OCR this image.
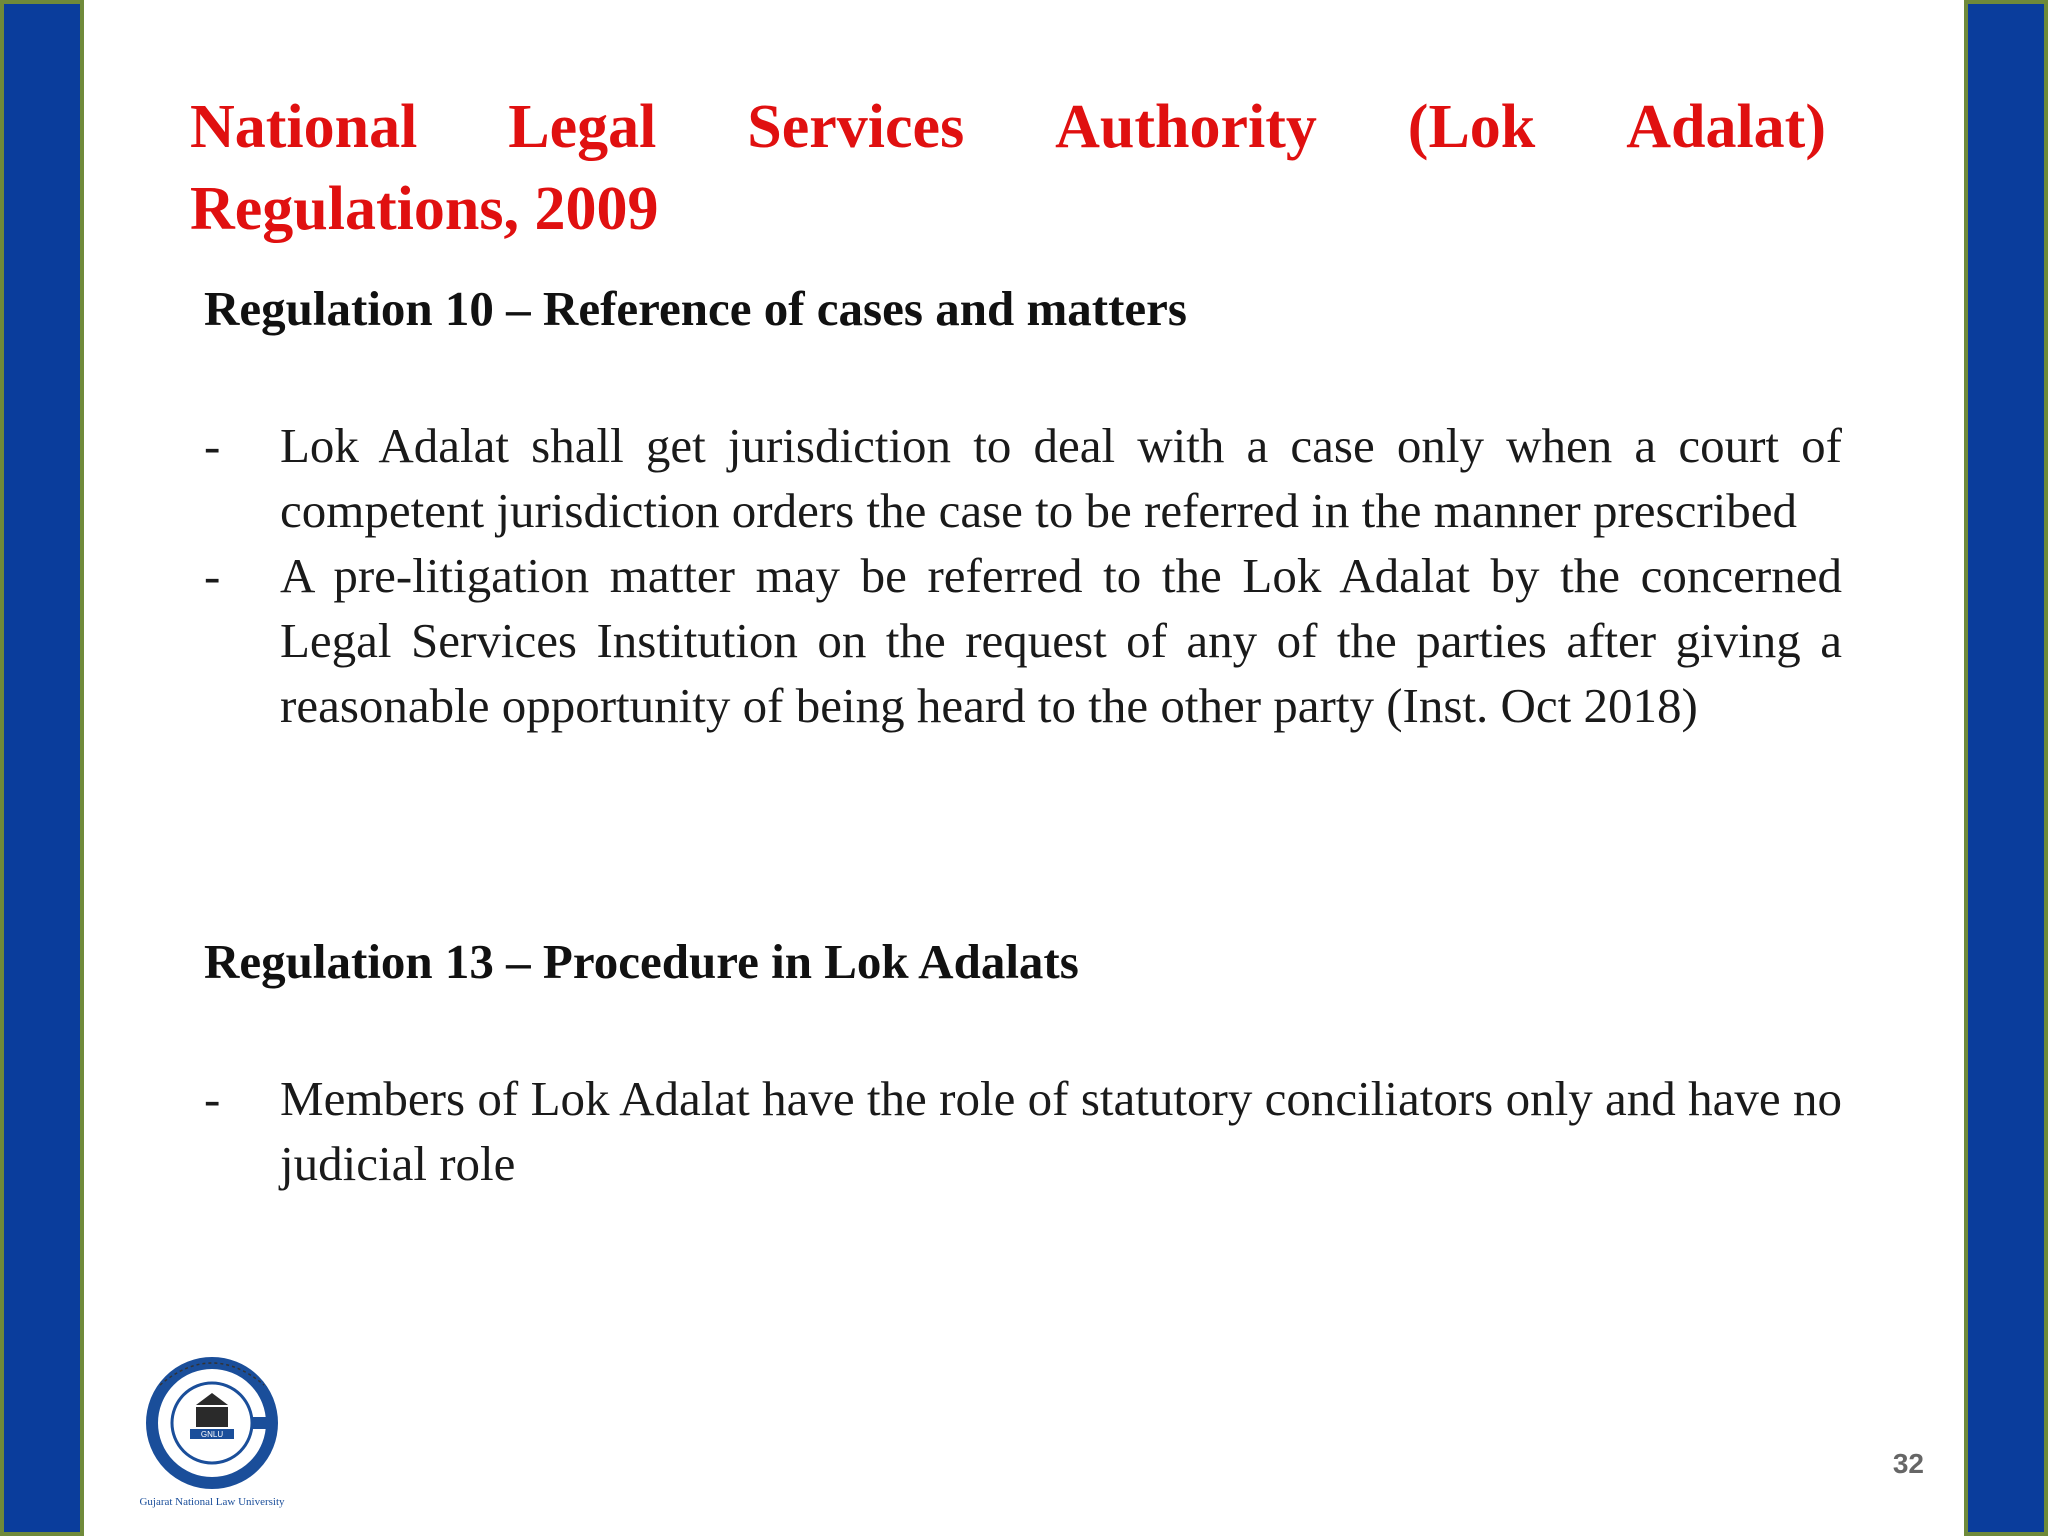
National Legal Services Authority (Lok Adalat)
Regulations, 2009
Regulation 10 – Reference of cases and matters
- Lok Adalat shall get jurisdiction to deal with a case only when a court of competent jurisdiction orders the case to be referred in the manner prescribed
- A pre-litigation matter may be referred to the Lok Adalat by the concerned Legal Services Institution on the request of any of the parties after giving a reasonable opportunity of being heard to the other party (Inst. Oct 2018)
Regulation 13 – Procedure in Lok Adalats
- Members of Lok Adalat have the role of statutory conciliators only and have no judicial role
GNLU
Gujarat National Law University
32
